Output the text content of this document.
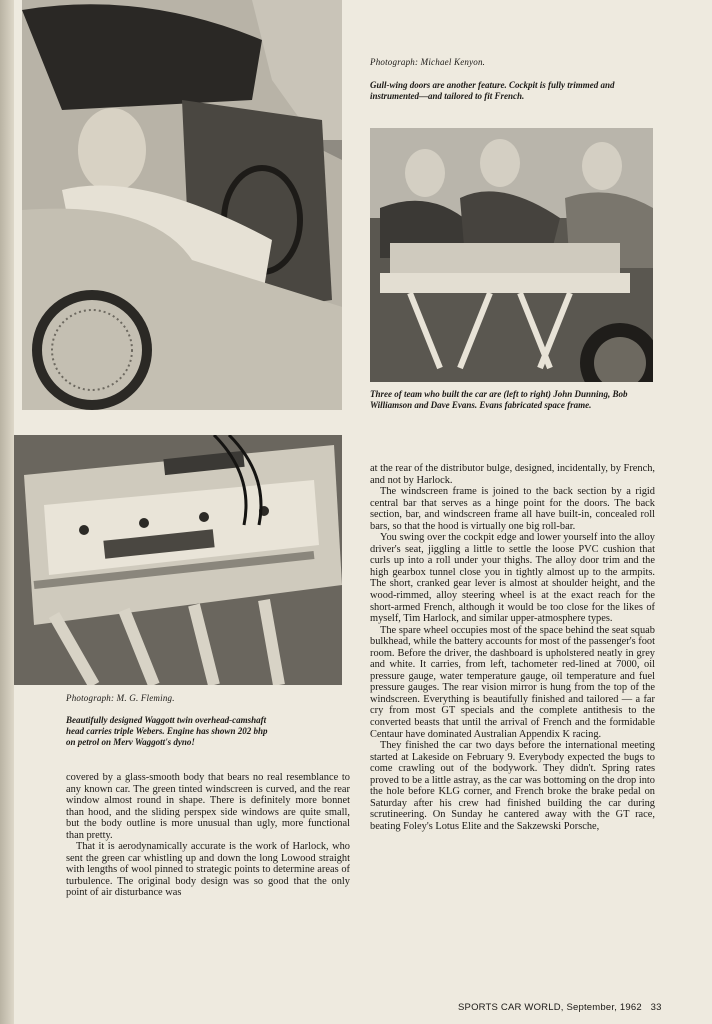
Photograph: Michael Kenyon.
Gull-wing doors are another feature. Cockpit is fully trimmed and instrumented—and tailored to fit French.
Three of team who built the car are (left to right) John Dunning, Bob Williamson and Dave Evans. Evans fabricated space frame.
Photograph: M. G. Fleming.
Beautifully designed Waggott twin overhead-camshaft head carries triple Webers. Engine has shown 202 bhp on petrol on Merv Waggott's dyno!

covered by a glass-smooth body that bears no real resemblance to any known car. The green tinted windscreen is curved, and the rear window almost round in shape. There is definitely more bonnet than hood, and the sliding perspex side windows are quite small, but the body outline is more unusual than ugly, more functional than pretty.

That it is aerodynamically accurate is the work of Harlock, who sent the green car whistling up and down the long Lowood straight with lengths of wool pinned to strategic points to determine areas of turbulence. The original body design was so good that the only point of air disturbance was

at the rear of the distributor bulge, designed, incidentally, by French, and not by Harlock.

The windscreen frame is joined to the back section by a rigid central bar that serves as a hinge point for the doors. The back section, bar, and windscreen frame all have built-in, concealed roll bars, so that the hood is virtually one big roll-bar.

You swing over the cockpit edge and lower yourself into the alloy driver's seat, jiggling a little to settle the loose PVC cushion that curls up into a roll under your thighs. The alloy door trim and the high gearbox tunnel close you in tightly almost up to the armpits. The short, cranked gear lever is almost at shoulder height, and the wood-rimmed, alloy steering wheel is at the exact reach for the short-armed French, although it would be too close for the likes of myself, Tim Harlock, and similar upper-atmosphere types.

The spare wheel occupies most of the space behind the seat squab bulkhead, while the battery accounts for most of the passenger's foot room. Before the driver, the dashboard is upholstered neatly in grey and white. It carries, from left, tachometer red-lined at 7000, oil pressure gauge, water temperature gauge, oil temperature and fuel pressure gauges. The rear vision mirror is hung from the top of the windscreen. Everything is beautifully finished and tailored — a far cry from most GT specials and the complete antithesis to the converted beasts that until the arrival of French and the formidable Centaur have dominated Australian Appendix K racing.

They finished the car two days before the international meeting started at Lakeside on February 9. Everybody expected the bugs to come crawling out of the bodywork. They didn't. Spring rates proved to be a little astray, as the car was bottoming on the drop into the hole before KLG corner, and French broke the brake pedal on Saturday after his crew had finished building the car during scrutineering. On Sunday he cantered away with the GT race, beating Foley's Lotus Elite and the Sakzewski Porsche,

SPORTS CAR WORLD, September, 1962 33
